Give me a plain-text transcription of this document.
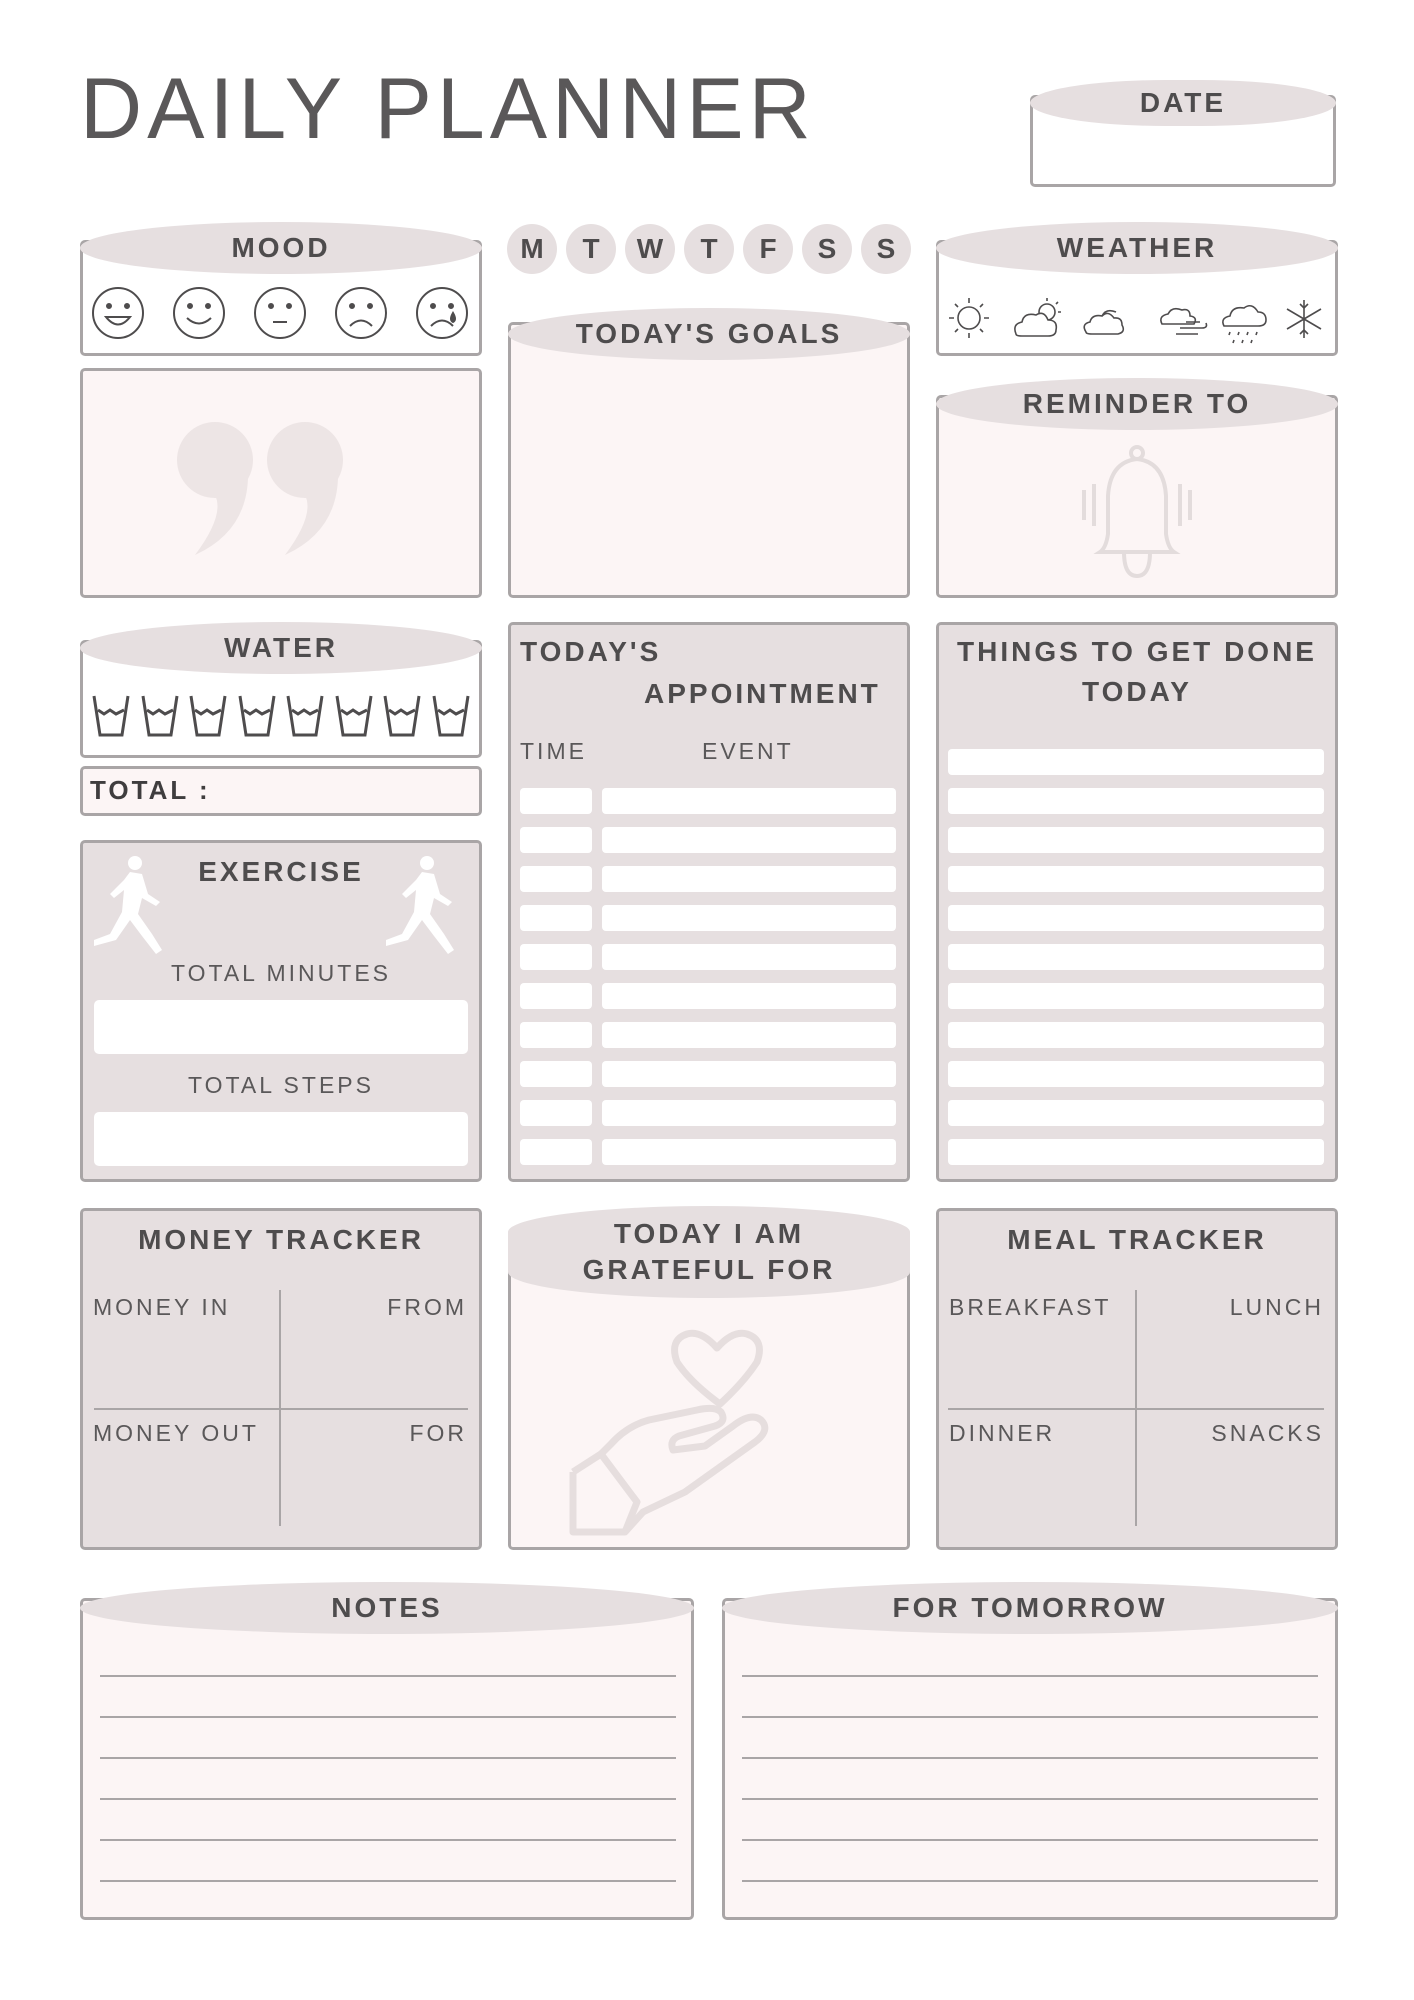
DAILY PLANNER	DATE
MOOD	M	T	W	T	F	S	S
TODAY'S GOALS
WEATHER
REMINDER TO
WATER
TOTAL :
EXERCISE
TOTAL MINUTES
TOTAL STEPS
TODAY'S
APPOINTMENT
TIME	EVENT
THINGS TO GET DONE
TODAY
MONEY TRACKER
MONEY IN	FROM
MONEY OUT	FOR
TODAY I AM
GRATEFUL FOR
MEAL TRACKER
BREAKFAST	LUNCH
DINNER	SNACKS
NOTES	FOR TOMORROW
